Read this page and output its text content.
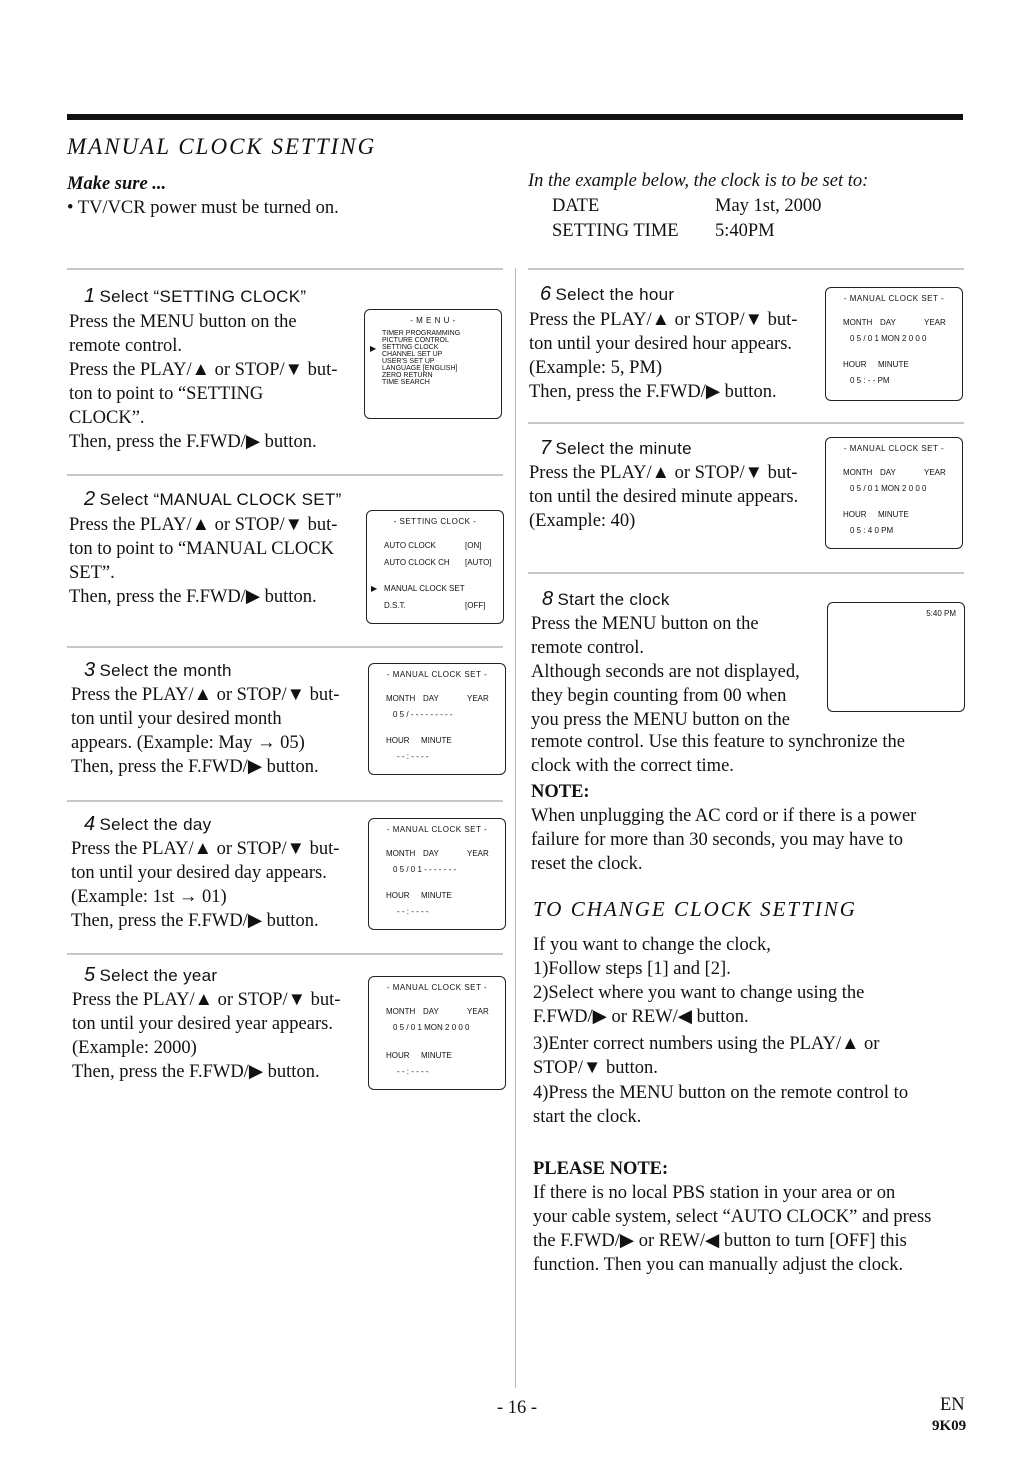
MANUAL CLOCK SETTING
Make sure ...
• TV/VCR power must be turned on.
In the example below, the clock is to be set to:
DATE	May 1st, 2000
SETTING TIME 5:40PM
1 Select “SETTING CLOCK”
Press the MENU button on the
remote control.
Press the PLAY/▲ or STOP/▼ but-
ton to point to “SETTING
CLOCK”.
Then, press the F.FWD/▶ button.
- M E N U -
TIMER PROGRAMMING
PICTURE CONTROL
SETTING CLOCK
CHANNEL SET UP
USER'S SET UP
LANGUAGE [ENGLISH]
ZERO RETURN
TIME SEARCH
▶
2 Select “MANUAL CLOCK SET”
Press the PLAY/▲ or STOP/▼ but-
ton to point to “MANUAL CLOCK
SET”.
Then, press the F.FWD/▶ button.
- SETTING CLOCK -
AUTO CLOCK	[ON]
AUTO CLOCK CH [AUTO]
▶ MANUAL CLOCK SET
D.S.T.	[OFF]
3 Select the month
Press the PLAY/▲ or STOP/▼ but-
ton until your desired month
appears. (Example: May → 05)
Then, press the F.FWD/▶ button.
- MANUAL CLOCK SET -
MONTH DAY	YEAR
0 5 / - - - - - - - - -
HOUR MINUTE
- - : - - - -
4 Select the day
Press the PLAY/▲ or STOP/▼ but-
ton until your desired day appears.
(Example: 1st → 01)
Then, press the F.FWD/▶ button.
- MANUAL CLOCK SET -
MONTH DAY	YEAR
0 5 / 0 1 - - - - - - -
HOUR MINUTE
- - : - - - -
5 Select the year
Press the PLAY/▲ or STOP/▼ but-
ton until your desired year appears.
(Example: 2000)
Then, press the F.FWD/▶ button.
- MANUAL CLOCK SET -
MONTH DAY	YEAR
0 5 / 0 1 MON 2 0 0 0
HOUR MINUTE
- - : - - - -
6 Select the hour
Press the PLAY/▲ or STOP/▼ but-
ton until your desired hour appears.
(Example: 5, PM)
Then, press the F.FWD/▶ button.
- MANUAL CLOCK SET -
MONTH DAY	YEAR
0 5 / 0 1 MON 2 0 0 0
HOUR MINUTE
0 5 : - - PM
7 Select the minute
Press the PLAY/▲ or STOP/▼ but-
ton until the desired minute appears.
(Example: 40)
- MANUAL CLOCK SET -
MONTH DAY	YEAR
0 5 / 0 1 MON 2 0 0 0
HOUR MINUTE
0 5 : 4 0 PM
8 Start the clock
Press the MENU button on the
remote control.
Although seconds are not displayed,
they begin counting from 00 when
you press the MENU button on the
remote control. Use this feature to synchronize the
clock with the correct time.
5:40 PM
NOTE:
When unplugging the AC cord or if there is a power
failure for more than 30 seconds, you may have to
reset the clock.
TO CHANGE CLOCK SETTING
If you want to change the clock,
1)Follow steps [1] and [2].
2)Select where you want to change using the
F.FWD/▶ or REW/◀ button.
3)Enter correct numbers using the PLAY/▲ or
STOP/▼ button.
4)Press the MENU button on the remote control to
start the clock.
PLEASE NOTE:
If there is no local PBS station in your area or on
your cable system, select “AUTO CLOCK” and press
the F.FWD/▶ or REW/◀ button to turn [OFF] this
function. Then you can manually adjust the clock.
- 16 -	EN
9K09
